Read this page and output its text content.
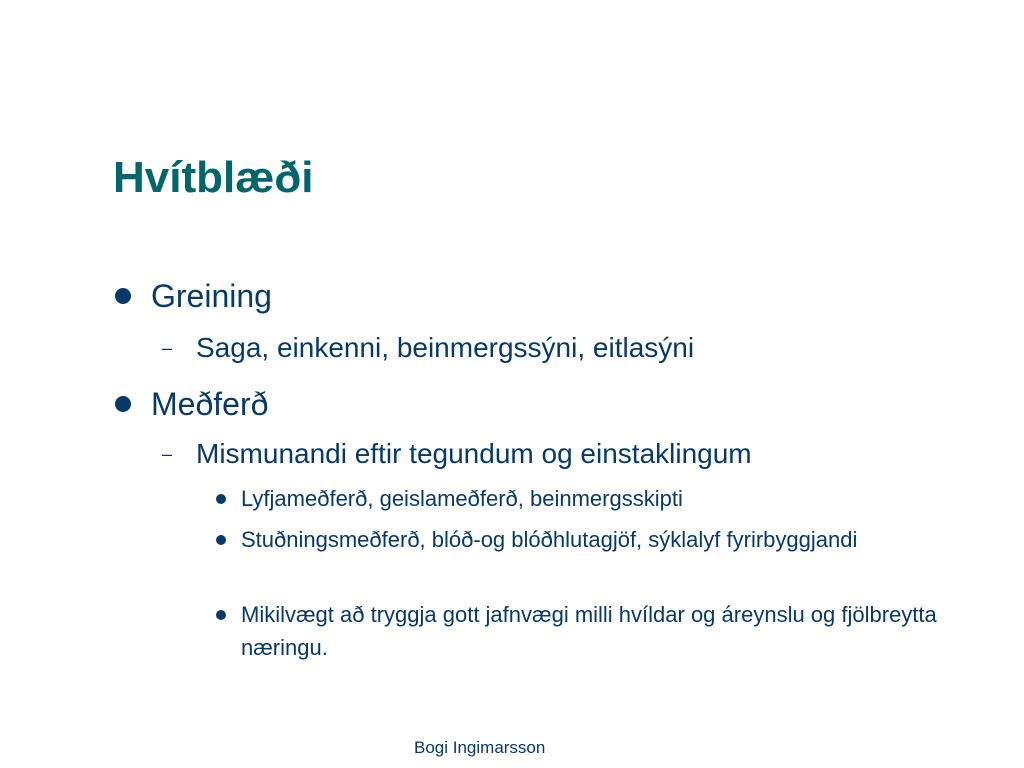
Hvítblæði
Greining
– Saga, einkenni, beinmergssýni, eitlasýni
Meðferð
– Mismunandi eftir tegundum og einstaklingum
Lyfjameðferð, geislameðferð, beinmergsskipti
Stuðningsmeðferð, blóð-og blóðhlutagjöf, sýklalyf fyrirbyggjandi
Mikilvægt að tryggja gott jafnvægi milli hvíldar og áreynslu og fjölbreytta næringu.
Bogi Ingimarsson
